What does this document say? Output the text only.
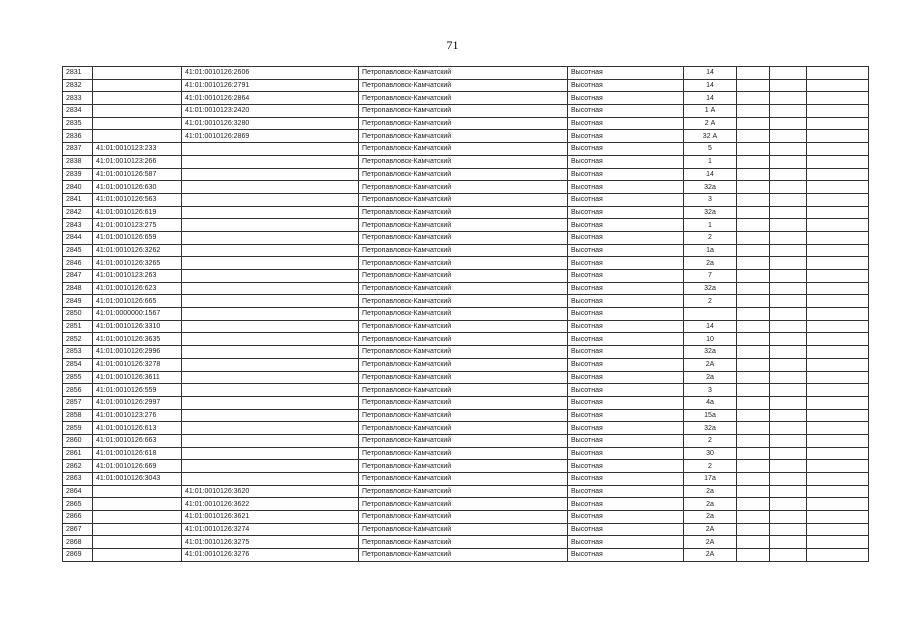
71
2831		41:01:0010126:2606	Петропавловск-Камчатский	Высотная	14			
2832		41:01:0010126:2791	Петропавловск-Камчатский	Высотная	14			
2833		41:01:0010126:2864	Петропавловск-Камчатский	Высотная	14			
2834		41:01:0010123:2420	Петропавловск-Камчатский	Высотная	1 А			
2835		41:01:0010126:3280	Петропавловск-Камчатский	Высотная	2 А			
2836		41:01:0010126:2869	Петропавловск-Камчатский	Высотная	32 А			
2837	41:01:0010123:233		Петропавловск-Камчатский	Высотная	5			
2838	41:01:0010123:266		Петропавловск-Камчатский	Высотная	1			
2839	41:01:0010126:587		Петропавловск-Камчатский	Высотная	14			
2840	41:01:0010126:630		Петропавловск-Камчатский	Высотная	32a			
2841	41:01:0010126:563		Петропавловск-Камчатский	Высотная	3			
2842	41:01:0010126:619		Петропавловск-Камчатский	Высотная	32a			
2843	41:01:0010123:275		Петропавловск-Камчатский	Высотная	1			
2844	41:01:0010126:659		Петропавловск-Камчатский	Высотная	2			
2845	41:01:0010126:3262		Петропавловск-Камчатский	Высотная	1a			
2846	41:01:0010126:3265		Петропавловск-Камчатский	Высотная	2a			
2847	41:01:0010123:263		Петропавловск-Камчатский	Высотная	7			
2848	41:01:0010126:623		Петропавловск-Камчатский	Высотная	32a			
2849	41:01:0010126:665		Петропавловск-Камчатский	Высотная	2			
2850	41:01:0000000:1567		Петропавловск-Камчатский	Высотная				
2851	41:01:0010126:3310		Петропавловск-Камчатский	Высотная	14			
2852	41:01:0010126:3635		Петропавловск-Камчатский	Высотная	10			
2853	41:01:0010126:2996		Петропавловск-Камчатский	Высотная	32a			
2854	41:01:0010126:3278		Петропавловск-Камчатский	Высотная	2A			
2855	41:01:0010126:3611		Петропавловск-Камчатский	Высотная	2a			
2856	41:01:0010126:559		Петропавловск-Камчатский	Высотная	3			
2857	41:01:0010126:2997		Петропавловск-Камчатский	Высотная	4a			
2858	41:01:0010123:276		Петропавловск-Камчатский	Высотная	15a			
2859	41:01:0010126:613		Петропавловск-Камчатский	Высотная	32a			
2860	41:01:0010126:663		Петропавловск-Камчатский	Высотная	2			
2861	41:01:0010126:618		Петропавловск-Камчатский	Высотная	30			
2862	41:01:0010126:669		Петропавловск-Камчатский	Высотная	2			
2863	41:01:0010126:3043		Петропавловск-Камчатский	Высотная	17a			
2864		41:01:0010126:3620	Петропавловск-Камчатский	Высотная	2a			
2865		41:01:0010126:3622	Петропавловск-Камчатский	Высотная	2a			
2866		41:01:0010126:3621	Петропавловск-Камчатский	Высотная	2a			
2867		41:01:0010126:3274	Петропавловск-Камчатский	Высотная	2A			
2868		41:01:0010126:3275	Петропавловск-Камчатский	Высотная	2A			
2869		41:01:0010126:3276	Петропавловск-Камчатский	Высотная	2A			
